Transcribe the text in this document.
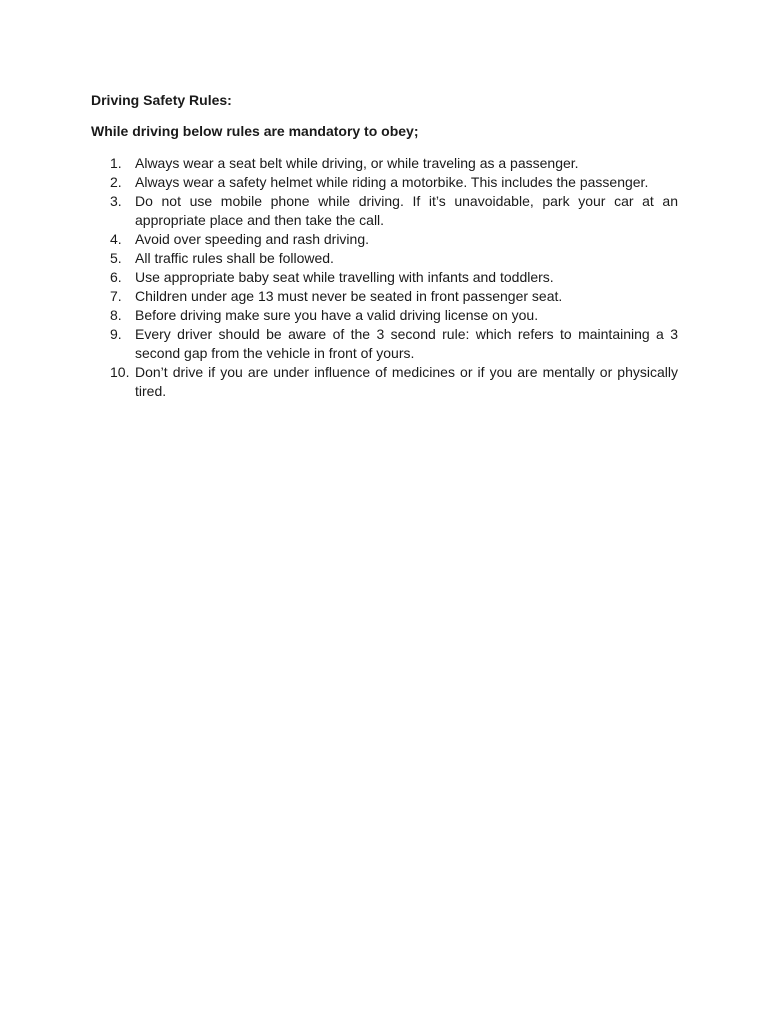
Driving Safety Rules:
While driving below rules are mandatory to obey;
1. Always wear a seat belt while driving, or while traveling as a passenger.
2. Always wear a safety helmet while riding a motorbike. This includes the passenger.
3. Do not use mobile phone while driving. If it’s unavoidable, park your car at an appropriate place and then take the call.
4. Avoid over speeding and rash driving.
5. All traffic rules shall be followed.
6. Use appropriate baby seat while travelling with infants and toddlers.
7. Children under age 13 must never be seated in front passenger seat.
8. Before driving make sure you have a valid driving license on you.
9. Every driver should be aware of the 3 second rule: which refers to maintaining a 3 second gap from the vehicle in front of yours.
10. Don’t drive if you are under influence of medicines or if you are mentally or physically tired.
